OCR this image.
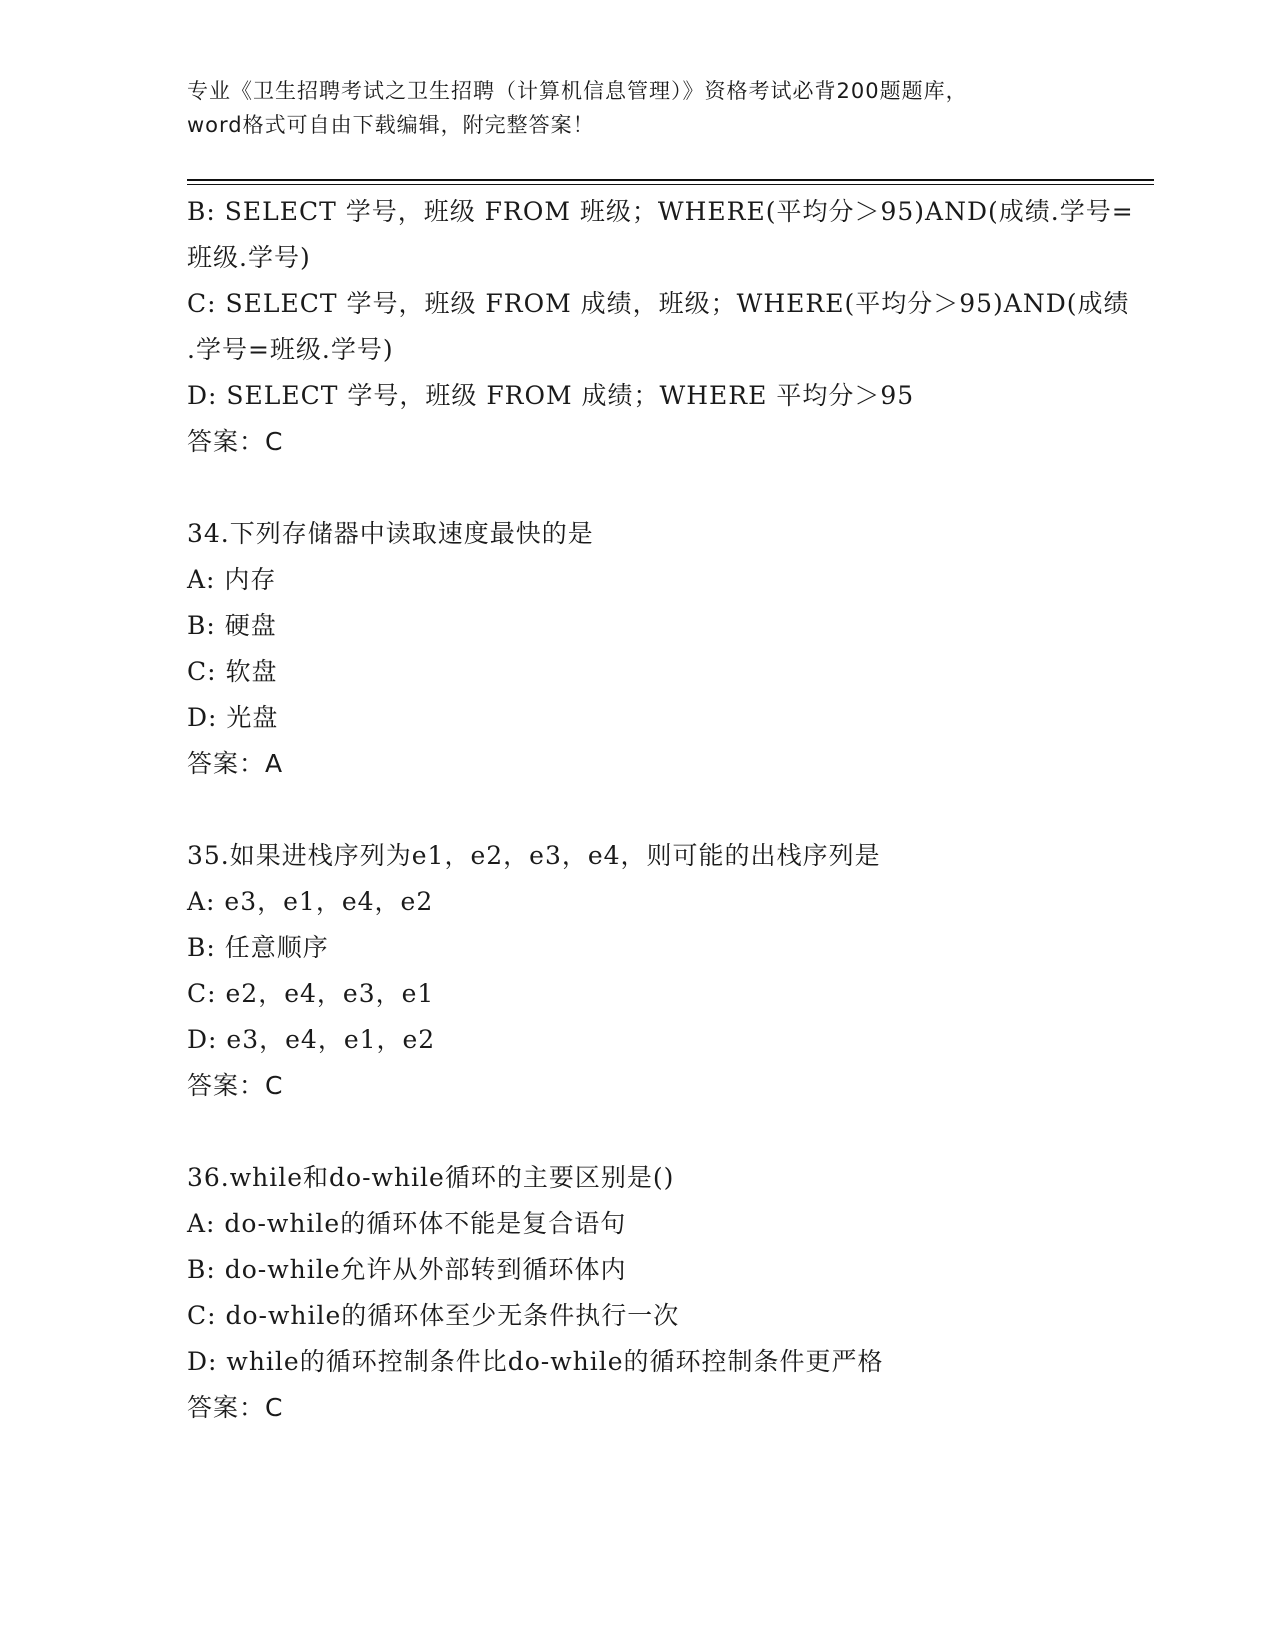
专业《卫生招聘考试之卫生招聘（计算机信息管理）》资格考试必背200题题库，
word格式可自由下载编辑，附完整答案！
B: SELECT 学号，班级 FROM 班级；WHERE(平均分＞95)AND(成绩.学号=
班级.学号)
C: SELECT 学号，班级 FROM 成绩，班级；WHERE(平均分＞95)AND(成绩
.学号=班级.学号)
D: SELECT 学号，班级 FROM 成绩；WHERE 平均分＞95
答案：C
34.下列存储器中读取速度最快的是
A: 内存
B: 硬盘
C: 软盘
D: 光盘
答案：A
35.如果进栈序列为e1，e2，e3，e4，则可能的出栈序列是
A: e3，e1，e4，e2
B: 任意顺序
C: e2，e4，e3，e1
D: e3，e4，e1，e2
答案：C
36.while和do-while循环的主要区别是()
A: do-while的循环体不能是复合语句
B: do-while允许从外部转到循环体内
C: do-while的循环体至少无条件执行一次
D: while的循环控制条件比do-while的循环控制条件更严格
答案：C
